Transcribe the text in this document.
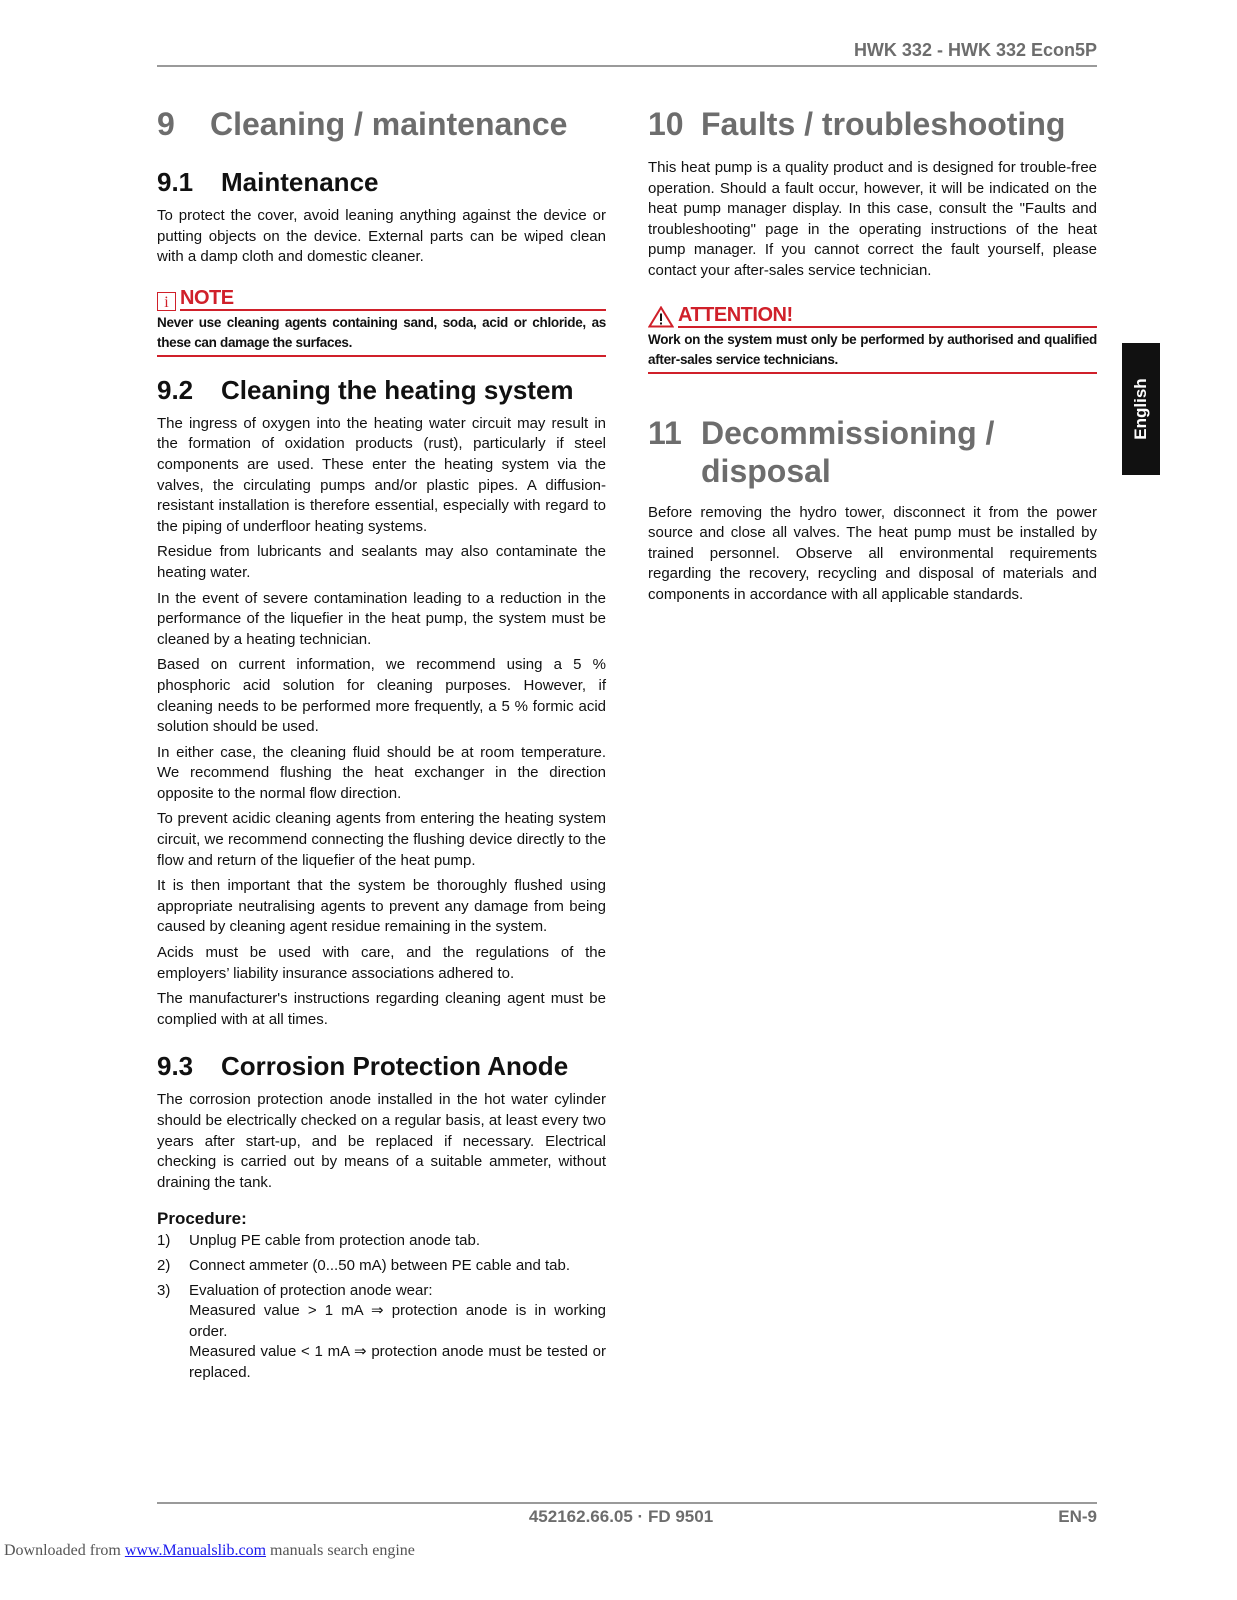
HWK 332 - HWK 332 Econ5P
9	Cleaning / maintenance
9.1	Maintenance

To protect the cover, avoid leaning anything against the device or putting objects on the device. External parts can be wiped clean with a damp cloth and domestic cleaner.

i NOTE
Never use cleaning agents containing sand, soda, acid or chloride, as these can damage the surfaces.
9.2	Cleaning the heating system

The ingress of oxygen into the heating water circuit may result in the formation of oxidation products (rust), particularly if steel components are used. These enter the heating system via the valves, the circulating pumps and/or plastic pipes. A diffusion-resistant installation is therefore essential, especially with regard to the piping of underfloor heating systems.

Residue from lubricants and sealants may also contaminate the heating water.

In the event of severe contamination leading to a reduction in the performance of the liquefier in the heat pump, the system must be cleaned by a heating technician.

Based on current information, we recommend using a 5 % phosphoric acid solution for cleaning purposes. However, if cleaning needs to be performed more frequently, a 5 % formic acid solution should be used.

In either case, the cleaning fluid should be at room temperature. We recommend flushing the heat exchanger in the direction opposite to the normal flow direction.

To prevent acidic cleaning agents from entering the heating system circuit, we recommend connecting the flushing device directly to the flow and return of the liquefier of the heat pump.

It is then important that the system be thoroughly flushed using appropriate neutralising agents to prevent any damage from being caused by cleaning agent residue remaining in the system.

Acids must be used with care, and the regulations of the employers’ liability insurance associations adhered to.

The manufacturer's instructions regarding cleaning agent must be complied with at all times.

9.3	Corrosion Protection Anode

The corrosion protection anode installed in the hot water cylinder should be electrically checked on a regular basis, at least every two years after start-up, and be replaced if necessary. Electrical checking is carried out by means of a suitable ammeter, without draining the tank.

Procedure:
1)	Unplug PE cable from protection anode tab.
2)	Connect ammeter (0...50 mA) between PE cable and tab.
3)	Evaluation of protection anode wear:
Measured value > 1 mA ⇒ protection anode is in working order.
Measured value < 1 mA ⇒ protection anode must be tested or replaced.
10 Faults / troubleshooting

This heat pump is a quality product and is designed for trouble-free operation. Should a fault occur, however, it will be indicated on the heat pump manager display. In this case, consult the "Faults and troubleshooting" page in the operating instructions of the heat pump manager. If you cannot correct the fault yourself, please contact your after-sales service technician.

ATTENTION!
Work on the system must only be performed by authorised and qualified after-sales service technicians.
11 Decommissioning /
disposal

Before removing the hydro tower, disconnect it from the power source and close all valves. The heat pump must be installed by trained personnel. Observe all environmental requirements regarding the recovery, recycling and disposal of materials and components in accordance with all applicable standards.

English
452162.66.05 · FD 9501	EN-9
Downloaded from www.Manualslib.com manuals search engine
